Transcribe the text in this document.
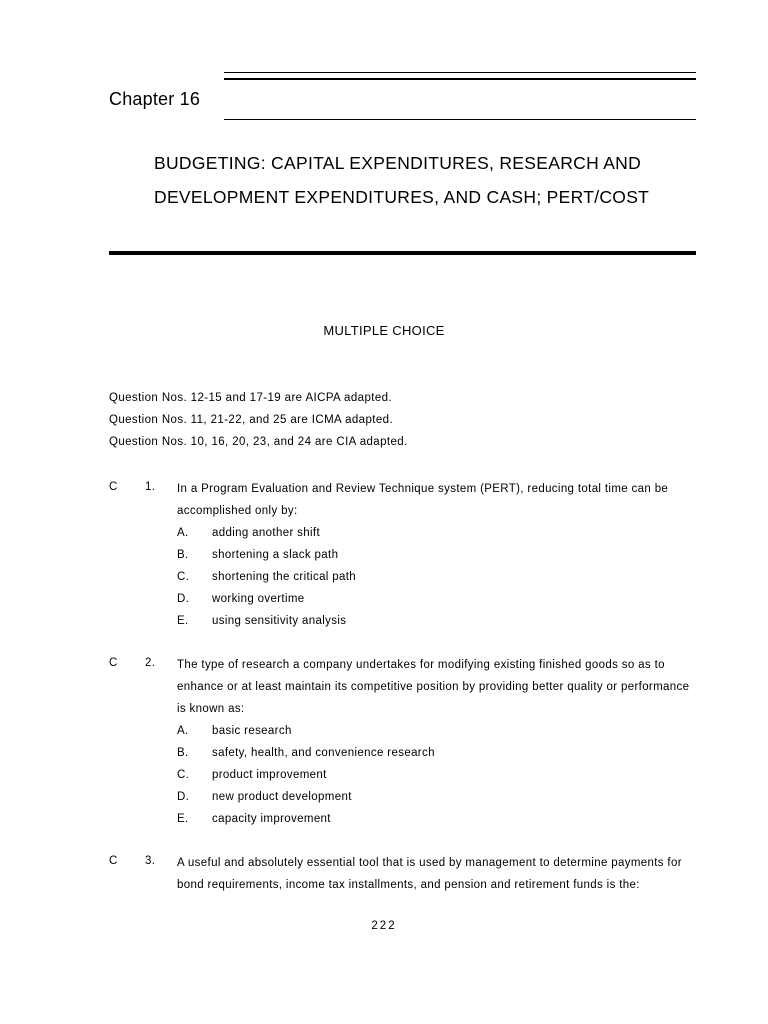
Chapter 16
BUDGETING: CAPITAL EXPENDITURES, RESEARCH AND
DEVELOPMENT EXPENDITURES, AND CASH; PERT/COST
MULTIPLE CHOICE
Question Nos. 12-15 and 17-19 are AICPA adapted.
Question Nos. 11, 21-22, and 25 are ICMA adapted.
Question Nos. 10, 16, 20, 23, and 24 are CIA adapted.
C 1. In a Program Evaluation and Review Technique system (PERT), reducing total time can be
accomplished only by:
A. adding another shift
B. shortening a slack path
C. shortening the critical path
D. working overtime
E. using sensitivity analysis
C 2. The type of research a company undertakes for modifying existing finished goods so as to
enhance or at least maintain its competitive position by providing better quality or performance
is known as:
A. basic research
B. safety, health, and convenience research
C. product improvement
D. new product development
E. capacity improvement
C 3. A useful and absolutely essential tool that is used by management to determine payments for
bond requirements, income tax installments, and pension and retirement funds is the:
222
